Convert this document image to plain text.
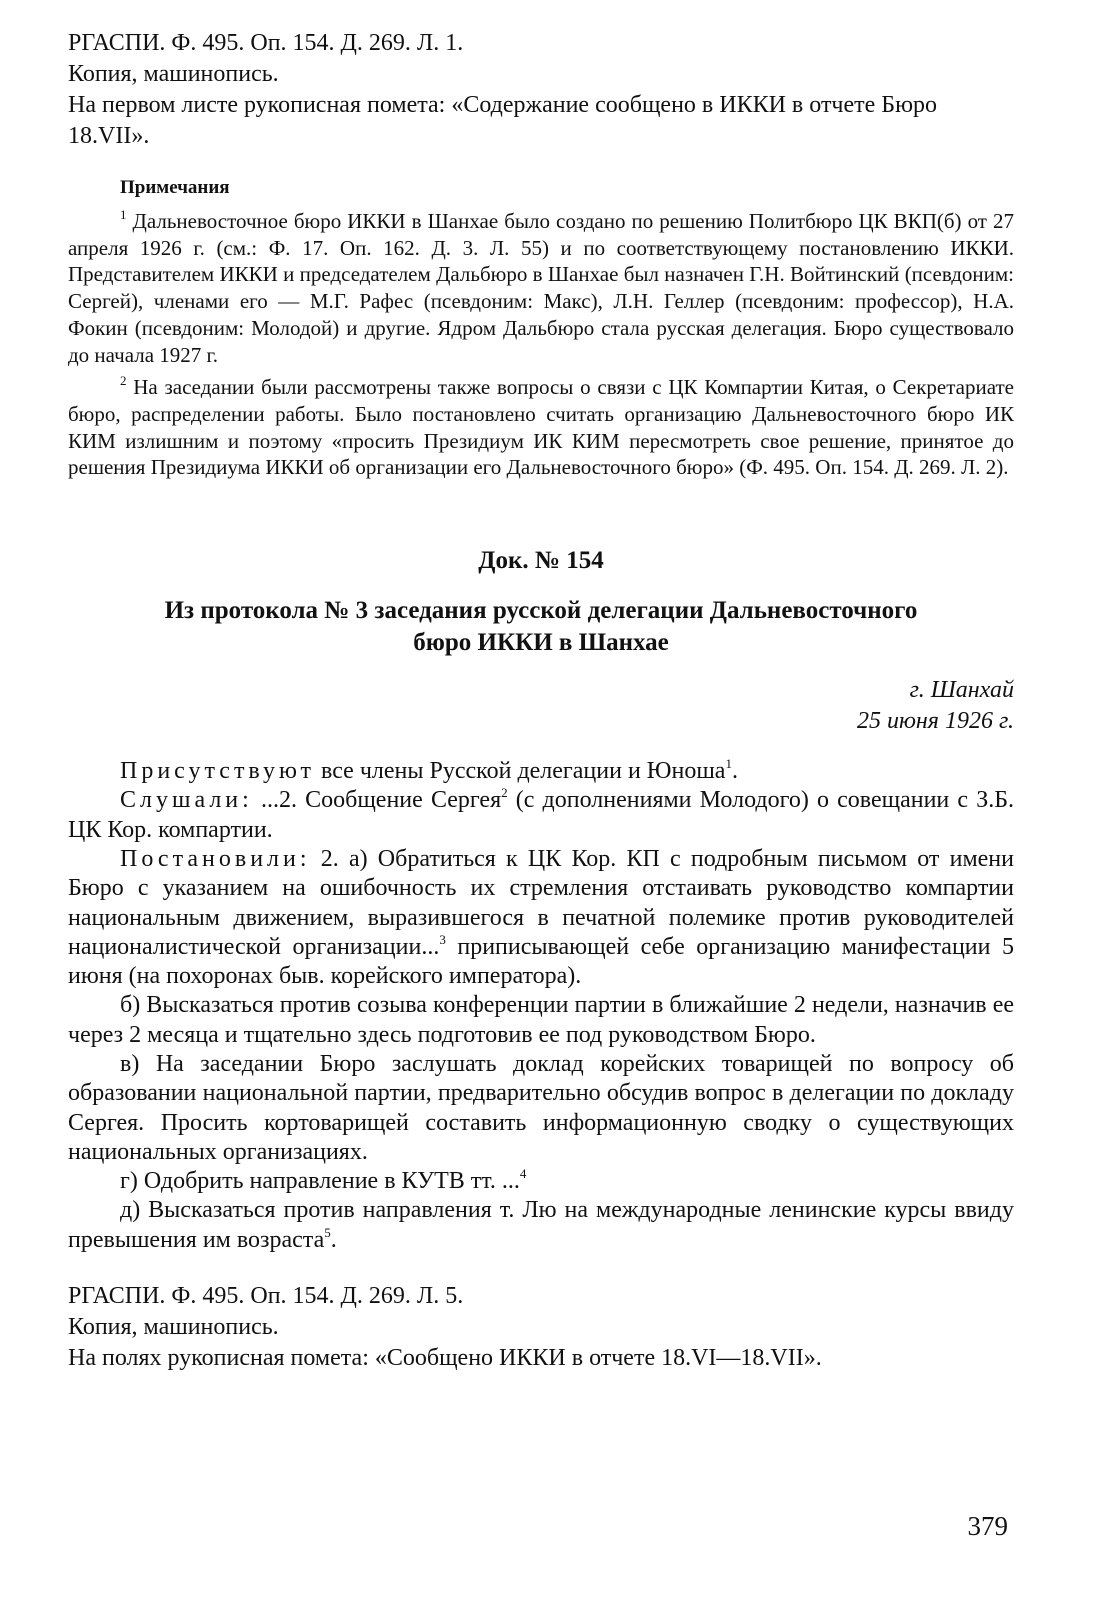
РГАСПИ. Ф. 495. Оп. 154. Д. 269. Л. 1.
Копия, машинопись.
На первом листе рукописная помета: «Содержание сообщено в ИККИ в отчете Бюро 18.VII».
Примечания
$^1$ Дальневосточное бюро ИККИ в Шанхае было создано по решению Политбюро ЦК ВКП(б) от 27 апреля 1926 г. (см.: Ф. 17. Оп. 162. Д. 3. Л. 55) и по соответствующему постановлению ИККИ. Представителем ИККИ и председателем Дальбюро в Шанхае был назначен Г.Н. Войтинский (псевдоним: Сергей), членами его — М.Г. Рафес (псевдоним: Макс), Л.Н. Геллер (псевдоним: профессор), Н.А. Фокин (псевдоним: Молодой) и другие. Ядром Дальбюро стала русская делегация. Бюро существовало до начала 1927 г.
$^2$ На заседании были рассмотрены также вопросы о связи с ЦК Компартии Китая, о Секретариате бюро, распределении работы. Было постановлено считать организацию Дальневосточного бюро ИК КИМ излишним и поэтому «просить Президиум ИК КИМ пересмотреть свое решение, принятое до решения Президиума ИККИ об организации его Дальневосточного бюро» (Ф. 495. Оп. 154. Д. 269. Л. 2).
Док. № 154
Из протокола № 3 заседания русской делегации Дальневосточного
бюро ИККИ в Шанхае
г. Шанхай
25 июня 1926 г.

Присутствуют все члены Русской делегации и Юноша$^1$.

Слушали: ...2. Сообщение Сергея$^2$ (с дополнениями Молодого) о совещании с З.Б. ЦК Кор. компартии.

Постановили: 2. а) Обратиться к ЦК Кор. КП с подробным письмом от имени Бюро с указанием на ошибочность их стремления отстаивать руководство компартии национальным движением, выразившегося в печатной полемике против руководителей националистической организации...$^3$ приписывающей себе организацию манифестации 5 июня (на похоронах быв. корейского императора).

б) Высказаться против созыва конференции партии в ближайшие 2 недели, назначив ее через 2 месяца и тщательно здесь подготовив ее под руководством Бюро.

в) На заседании Бюро заслушать доклад корейских товарищей по вопросу об образовании национальной партии, предварительно обсудив вопрос в делегации по докладу Сергея. Просить кортоварищей составить информационную сводку о существующих национальных организациях.

г) Одобрить направление в КУТВ тт. ...$^4$

д) Высказаться против направления т. Лю на международные ленинские курсы ввиду превышения им возраста$^5$.

РГАСПИ. Ф. 495. Оп. 154. Д. 269. Л. 5.
Копия, машинопись.
На полях рукописная помета: «Сообщено ИККИ в отчете 18.VI—18.VII».
379
